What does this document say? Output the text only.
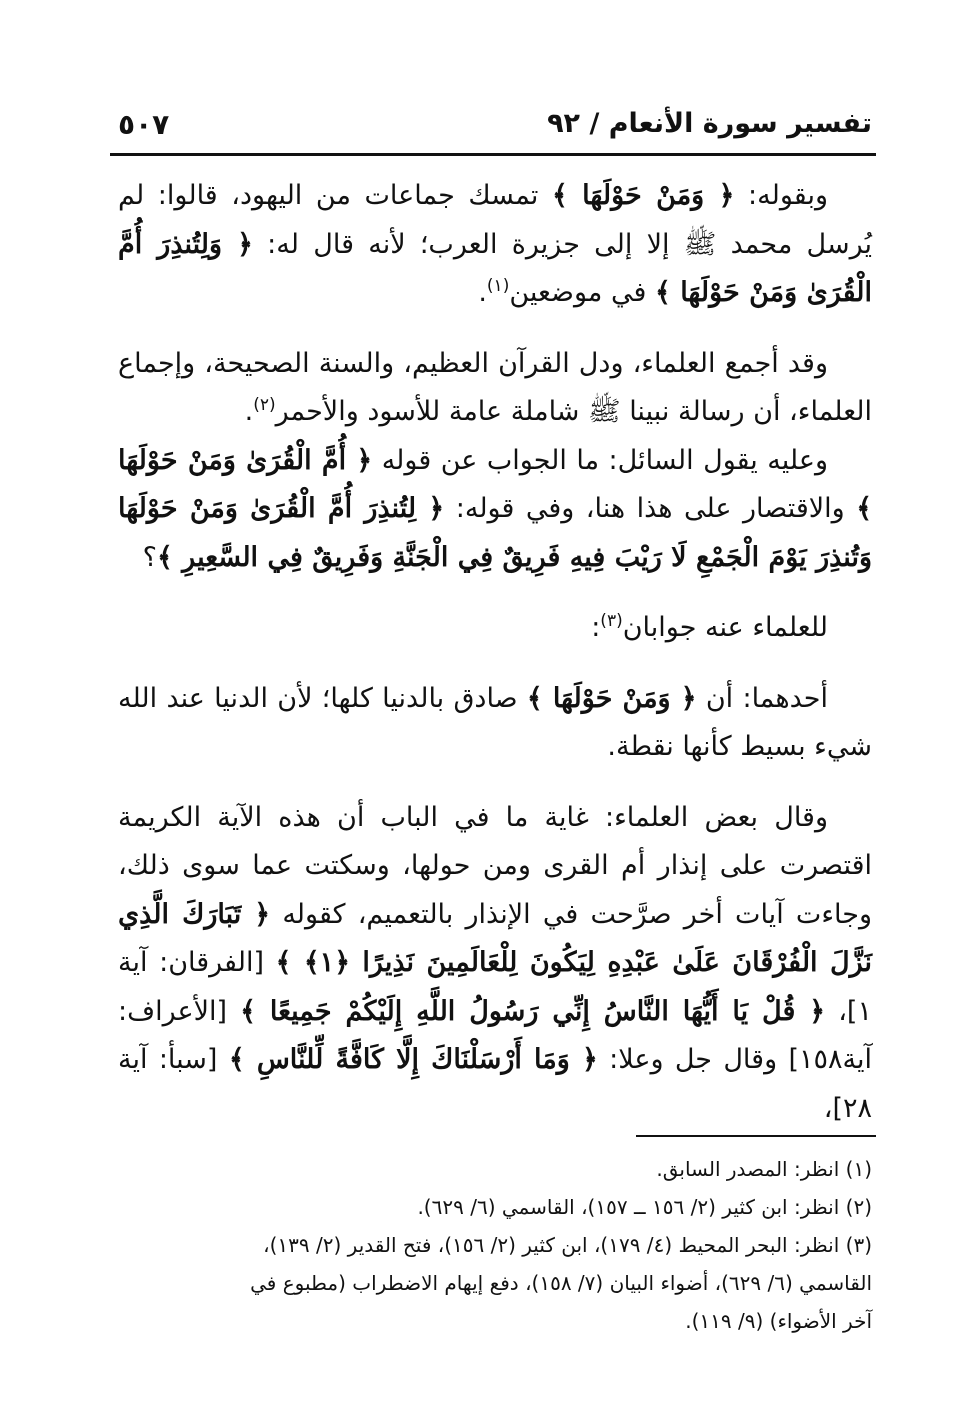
تفسير سورة الأنعام / ٩٢
٥٠٧

وبقوله: ﴿ وَمَنْ حَوْلَهَا ﴾ تمسك جماعات من اليهود، قالوا: لم يُرسل محمد ﷺ إلا إلى جزيرة العرب؛ لأنه قال له: ﴿ وَلِتُنذِرَ أُمَّ الْقُرَىٰ وَمَنْ حَوْلَهَا ﴾ في موضعين$^{(١)}$.

وقد أجمع العلماء، ودل القرآن العظيم، والسنة الصحيحة، وإجماع العلماء، أن رسالة نبينا ﷺ شاملة عامة للأسود والأحمر$^{(٢)}$.

وعليه يقول السائل: ما الجواب عن قوله ﴿ أُمَّ الْقُرَىٰ وَمَنْ حَوْلَهَا ﴾ والاقتصار على هذا هنا، وفي قوله: ﴿ لِتُنذِرَ أُمَّ الْقُرَىٰ وَمَنْ حَوْلَهَا وَتُنذِرَ يَوْمَ الْجَمْعِ لَا رَيْبَ فِيهِ فَرِيقٌ فِي الْجَنَّةِ وَفَرِيقٌ فِي السَّعِيرِ ﴾؟

للعلماء عنه جوابان$^{(٣)}$:

أحدهما: أن ﴿ وَمَنْ حَوْلَهَا ﴾ صادق بالدنيا كلها؛ لأن الدنيا عند الله شيء بسيط كأنها نقطة.

وقال بعض العلماء: غاية ما في الباب أن هذه الآية الكريمة اقتصرت على إنذار أم القرى ومن حولها، وسكتت عما سوى ذلك، وجاءت آيات أخر صرَّحت في الإنذار بالتعميم، كقوله ﴿ تَبَارَكَ الَّذِي نَزَّلَ الْفُرْقَانَ عَلَىٰ عَبْدِهِ لِيَكُونَ لِلْعَالَمِينَ نَذِيرًا ﴿١﴾ ﴾ [الفرقان: آية ١]، ﴿ قُلْ يَا أَيُّهَا النَّاسُ إِنِّي رَسُولُ اللَّهِ إِلَيْكُمْ جَمِيعًا ﴾ [الأعراف: آية١٥٨] وقال جل وعلا: ﴿ وَمَا أَرْسَلْنَاكَ إِلَّا كَافَّةً لِّلنَّاسِ ﴾ [سبأ: آية ٢٨]،

(١) انظر: المصدر السابق.
(٢) انظر: ابن كثير (٢/ ١٥٦ ــ ١٥٧)، القاسمي (٦/ ٦٢٩).
(٣) انظر: البحر المحيط (٤/ ١٧٩)، ابن كثير (٢/ ١٥٦)، فتح القدير (٢/ ١٣٩)،
القاسمي (٦/ ٦٢٩)، أضواء البيان (٧/ ١٥٨)، دفع إيهام الاضطراب (مطبوع في
آخر الأضواء) (٩/ ١١٩).
